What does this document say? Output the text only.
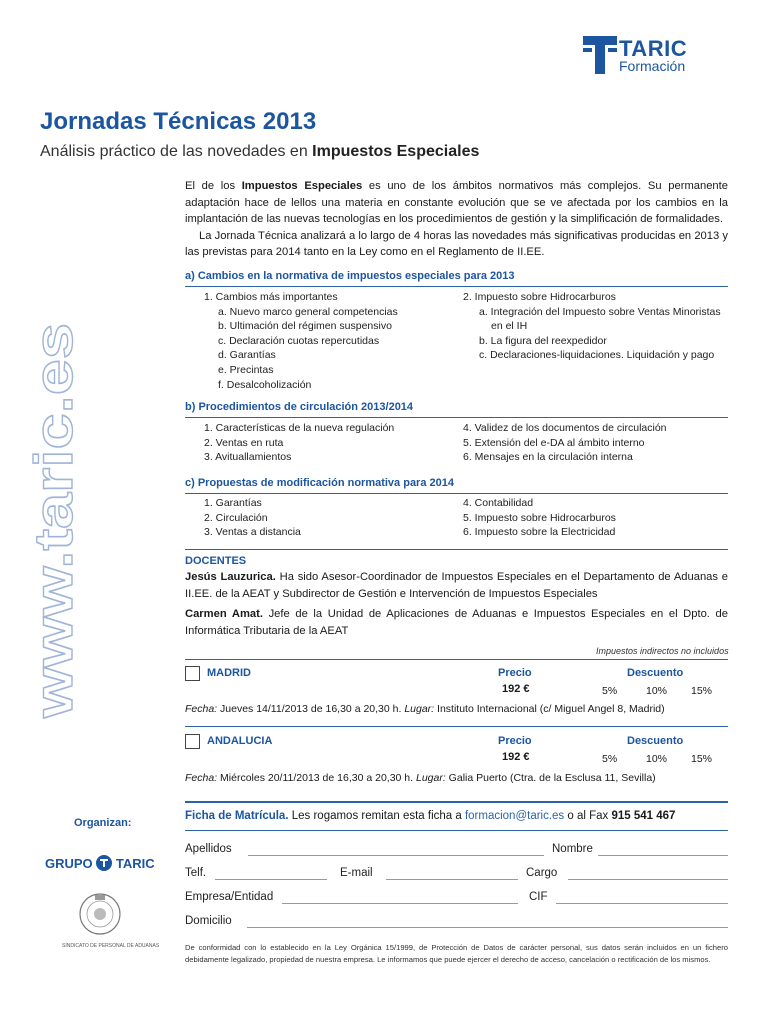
TARIC
Formación
Jornadas Técnicas 2013
Análisis práctico de las novedades en Impuestos Especiales
www.taric.es

El de los Impuestos Especiales es uno de los ámbitos normativos más complejos. Su permanente adaptación hace de lellos una materia en constante evolución que se ve afectada por los cambios en la implantación de las nuevas tecnologías en los procedimientos de gestión y la simplificación de formalidades.

La Jornada Técnica analizará a lo largo de 4 horas las novedades más significativas producidas en 2013 y las previstas para 2014 tanto en la Ley como en el Reglamento de II.EE.

a) Cambios en la normativa de impuestos especiales para 2013
1. Cambios más importantes
a. Nuevo marco general competencias
b. Ultimación del régimen suspensivo
c. Declaración cuotas repercutidas
d. Garantías
e. Precintas
f. Desalcoholización
2. Impuesto sobre Hidrocarburos
a. Integración del Impuesto sobre Ventas Minoristas
en el IH
b. La figura del reexpedidor
c. Declaraciones-liquidaciones. Liquidación y pago
b) Procedimientos de circulación 2013/2014
1. Características de la nueva regulación
2. Ventas en ruta
3. Avituallamientos
4. Validez de los documentos de circulación
5. Extensión del e-DA al ámbito interno
6. Mensajes en la circulación interna
c) Propuestas de modificación normativa para 2014
1. Garantías
2. Circulación
3. Ventas a distancia
4. Contabilidad
5. Impuesto sobre Hidrocarburos
6. Impuesto sobre la Electricidad
DOCENTES

Jesús Lauzurica. Ha sido Asesor-Coordinador de Impuestos Especiales en el Departamento de Aduanas e II.EE. de la AEAT y Subdirector de Gestión e Intervención de Impuestos Especiales

Carmen Amat. Jefe de la Unidad de Aplicaciones de Aduanas e Impuestos Especiales en el Dpto. de Informática Tributaria de la AEAT

Impuestos indirectos no incluidos
MADRID	Precio	Descuento
192 €	5%	10% 15%
Fecha: Jueves 14/11/2013 de 16,30 a 20,30 h. Lugar: Instituto Internacional (c/ Miguel Angel 8, Madrid)
ANDALUCIA	Precio	Descuento
192 €	5%	10% 15%
Fecha: Miércoles 20/11/2013 de 16,30 a 20,30 h. Lugar: Galia Puerto (Ctra. de la Esclusa 11, Sevilla)
Organizan:
GRUPO TARIC
SINDICATO DE PERSONAL DE ADUANAS
Ficha de Matrícula. Les rogamos remitan esta ficha a formacion@taric.es o al Fax 915 541 467
Apellidos	Nombre
Telf.	E-mail	Cargo
Empresa/Entidad	CIF
Domicilio
De conformidad con lo establecido en la Ley Orgánica 15/1999, de Protección de Datos de carácter personal, sus datos serán incluidos en un fichero debidamente legalizado, propiedad de nuestra empresa. Le informamos que puede ejercer el derecho de acceso, cancelación o rectificación de los mismos.
